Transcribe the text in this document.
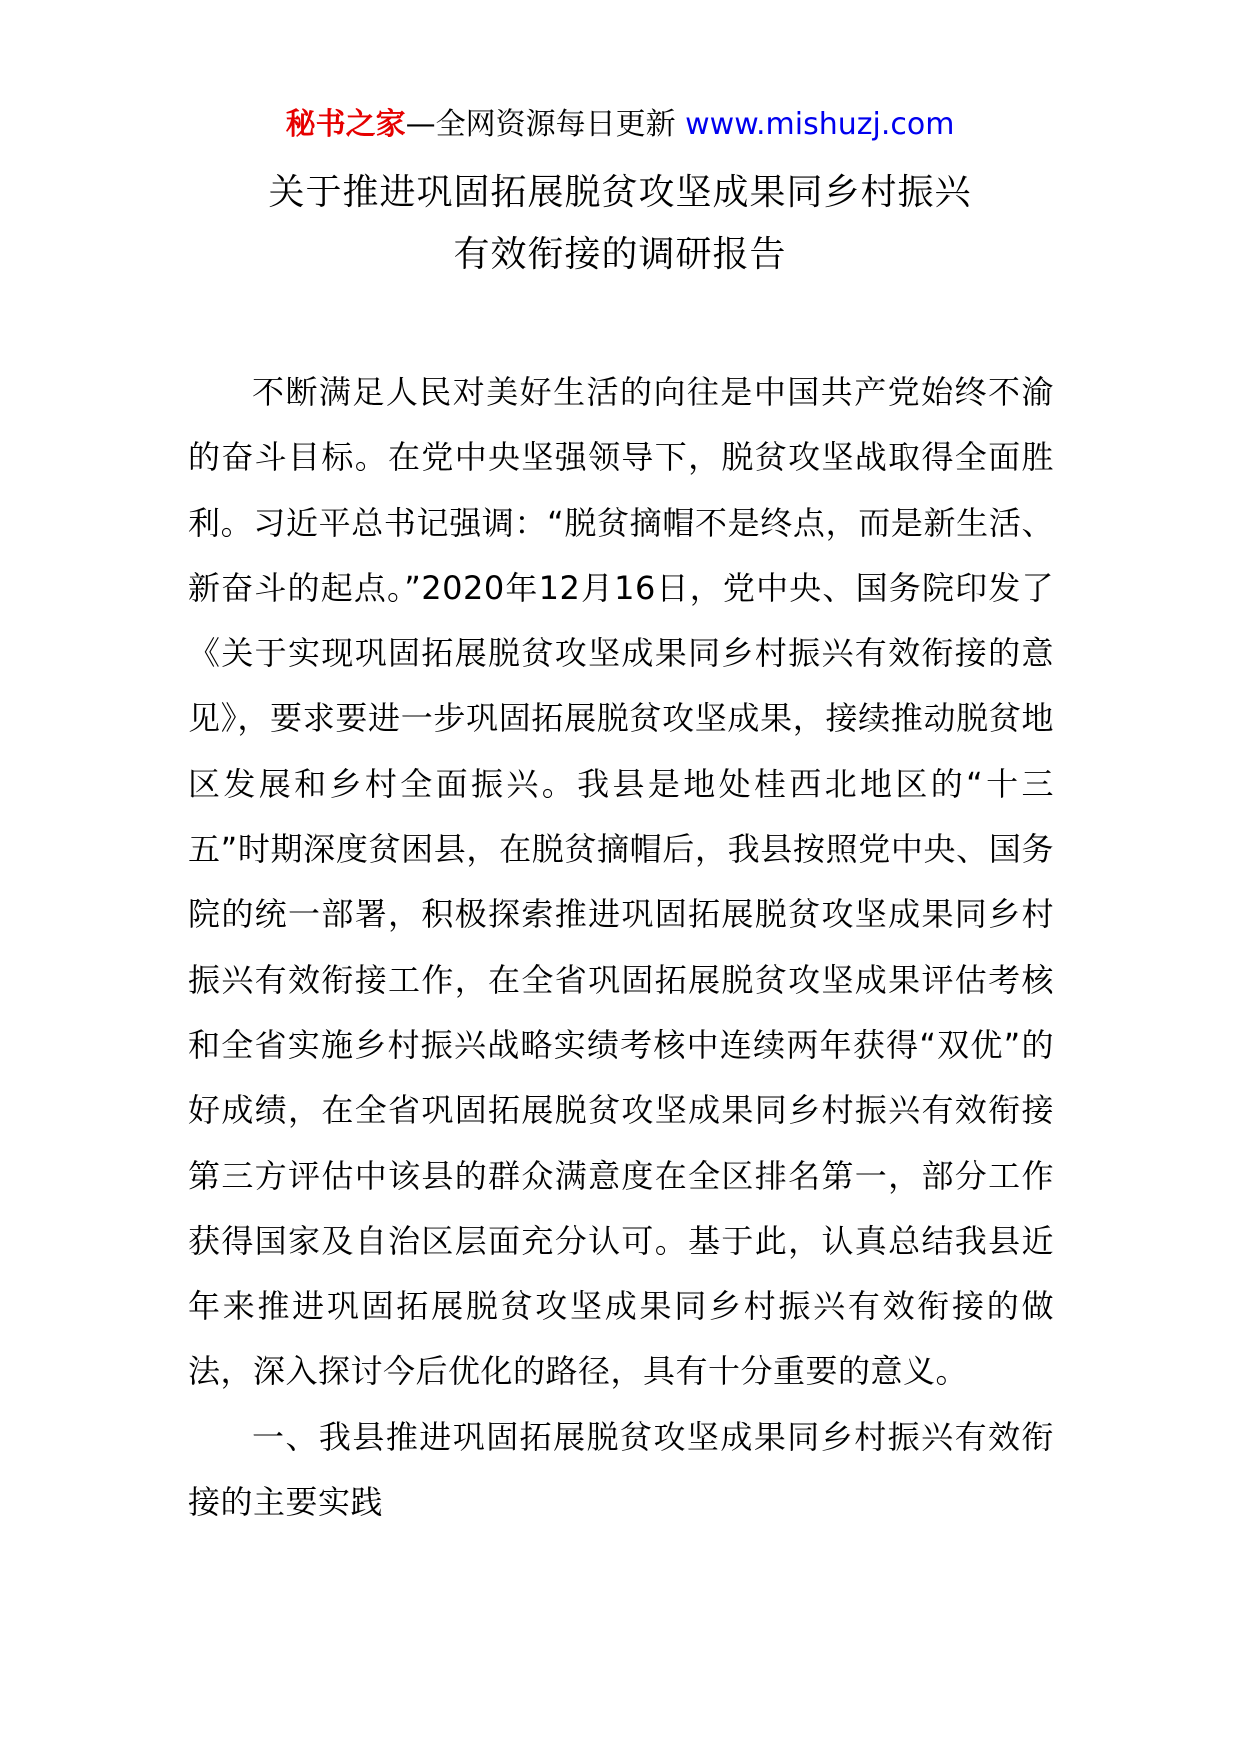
秘书之家—全网资源每日更新 www.mishuzj.com
关于推进巩固拓展脱贫攻坚成果同乡村振兴
有效衔接的调研报告

不断满足人民对美好生活的向往是中国共产党始终不渝的奋斗目标。在党中央坚强领导下，脱贫攻坚战取得全面胜利。习近平总书记强调：“脱贫摘帽不是终点，而是新生活、新奋斗的起点。”2020年12月16日，党中央、国务院印发了《关于实现巩固拓展脱贫攻坚成果同乡村振兴有效衔接的意见》，要求要进一步巩固拓展脱贫攻坚成果，接续推动脱贫地区发展和乡村全面振兴。我县是地处桂西北地区的“十三五”时期深度贫困县，在脱贫摘帽后，我县按照党中央、国务院的统一部署，积极探索推进巩固拓展脱贫攻坚成果同乡村振兴有效衔接工作，在全省巩固拓展脱贫攻坚成果评估考核和全省实施乡村振兴战略实绩考核中连续两年获得“双优”的好成绩，在全省巩固拓展脱贫攻坚成果同乡村振兴有效衔接第三方评估中该县的群众满意度在全区排名第一，部分工作获得国家及自治区层面充分认可。基于此，认真总结我县近年来推进巩固拓展脱贫攻坚成果同乡村振兴有效衔接的做法，深入探讨今后优化的路径，具有十分重要的意义。

一、我县推进巩固拓展脱贫攻坚成果同乡村振兴有效衔接的主要实践
